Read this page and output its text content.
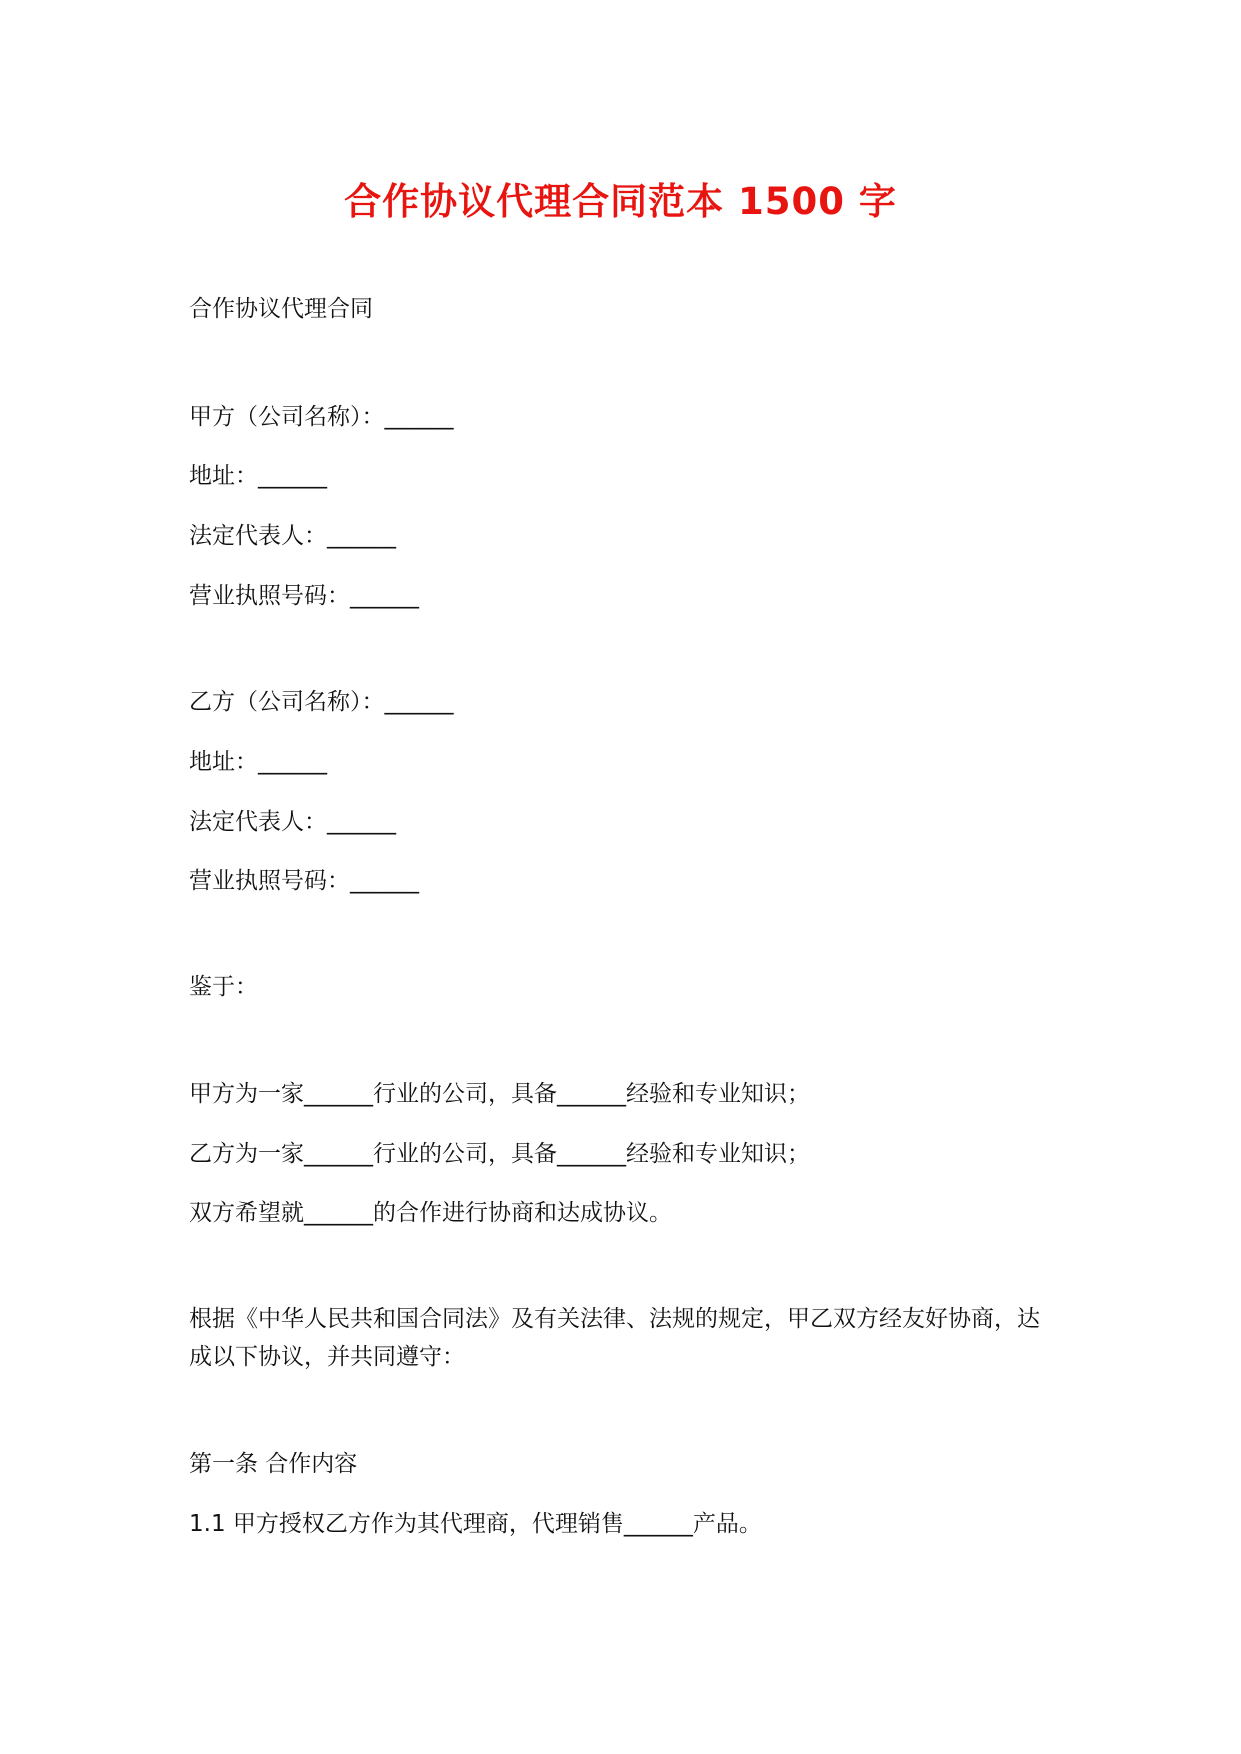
合作协议代理合同范本 1500 字
合作协议代理合同
甲方（公司名称）：______
地址：______
法定代表人：______
营业执照号码：______
乙方（公司名称）：______
地址：______
法定代表人：______
营业执照号码：______
鉴于：
甲方为一家______行业的公司，具备______经验和专业知识；
乙方为一家______行业的公司，具备______经验和专业知识；
双方希望就______的合作进行协商和达成协议。
根据《中华人民共和国合同法》及有关法律、法规的规定，甲乙双方经友好协商，达
成以下协议，并共同遵守：
第一条 合作内容
1.1 甲方授权乙方作为其代理商，代理销售______产品。
